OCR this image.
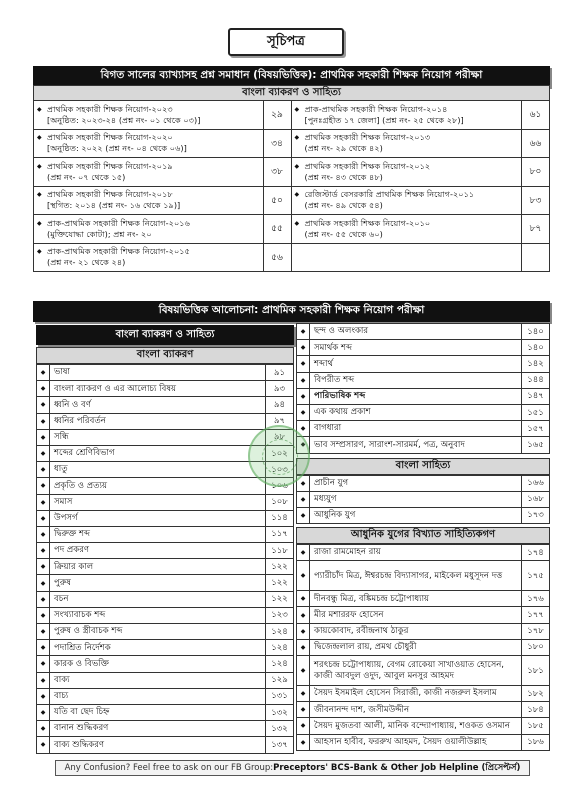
সূচিপত্র
বিগত সালের ব্যাখ্যাসহ প্রশ্ন সমাধান (বিষয়ভিত্তিক): প্রাথমিক সহকারী শিক্ষক নিয়োগ পরীক্ষা
বাংলা ব্যাকরণ ও সাহিত্য
◆ প্রাথমিক সহকারী শিক্ষক নিয়োগ-২০২৩
[অনুষ্ঠিত: ২০২৩-২৪ (প্রশ্ন নং- ০১ থেকে ০৩)]	২৯
◆ প্রাক-প্রাথমিক সহকারী শিক্ষক নিয়োগ-২০১৪
[পুনঃগ্রহীত ১৭ জেলা] (প্রশ্ন নং- ২৫ থেকে ২৮)]	৬১
◆ প্রাথমিক সহকারী শিক্ষক নিয়োগ-২০২০
[অনুষ্ঠিত: ২০২২ (প্রশ্ন নং- ০৪ থেকে ০৬)]	৩৪
◆ প্রাথমিক সহকারী শিক্ষক নিয়োগ-২০১৩
(প্রশ্ন নং- ২৯ থেকে ৪২)	৬৬
◆ প্রাথমিক সহকারী শিক্ষক নিয়োগ-২০১৯
(প্রশ্ন নং- ০৭ থেকে ১৫)	৩৮
◆ প্রাথমিক সহকারী শিক্ষক নিয়োগ-২০১২
(প্রশ্ন নং- ৪৩ থেকে ৪৮)	৮০
◆ প্রাথমিক সহকারী শিক্ষক নিয়োগ-২০১৮
[স্থগিত: ২০১৪ (প্রশ্ন নং- ১৬ থেকে ১৯)]	৫০
◆ রেজিস্টার্ড বেসরকারি প্রাথমিক শিক্ষক নিয়োগ-২০১১
(প্রশ্ন নং- ৪৯ থেকে ৫৪)	৮৩
◆ প্রাক-প্রাথমিক সহকারী শিক্ষক নিয়োগ-২০১৬
(মুক্তিযোদ্ধা কোটা); প্রশ্ন নং- ২০	৫৫
◆ প্রাথমিক সহকারী শিক্ষক নিয়োগ-২০১০
(প্রশ্ন নং- ৫৫ থেকে ৬০)	৮৭
◆ প্রাক-প্রাথমিক সহকারী শিক্ষক নিয়োগ-২০১৫
(প্রশ্ন নং- ২১ থেকে ২৪)	৫৬
বিষয়ভিত্তিক আলোচনা: প্রাথমিক সহকারী শিক্ষক নিয়োগ পরীক্ষা
বাংলা ব্যাকরণ ও সাহিত্য
বাংলা ব্যাকরণ
◆	ভাষা	৯১
◆	বাংলা ব্যাকরণ ও এর আলোচ্য বিষয়	৯৩
◆	ধ্বনি ও বর্ণ	৯৪
◆	ধ্বনির পরিবর্তন	৯৭
◆	সন্ধি	৯৮
◆	শব্দের শ্রেণিবিভাগ	১০২
◆	ধাতু	১০৩
◆	প্রকৃতি ও প্রত্যয়	১০৬
◆	সমাস	১০৮
◆	উপসর্গ	১১৪
◆	দ্বিরুক্ত শব্দ	১১৭
◆	পদ প্রকরণ	১১৮
◆	ক্রিয়ার কাল	১২২
◆	পুরুষ	১২২
◆	বচন	১২২
◆	সংখ্যাবাচক শব্দ	১২৩
◆	পুরুষ ও স্ত্রীবাচক শব্দ	১২৪
◆	পদাশ্রিত নির্দেশক	১২৪
◆	কারক ও বিভক্তি	১২৪
◆	বাক্য	১২৯
◆	বাচ্য	১৩১
◆	যতি বা ছেদ চিহ্ন	১৩২
◆	বানান শুদ্ধিকরণ	১৩২
◆	বাক্য শুদ্ধিকরণ	১৩৭
◆	ছন্দ ও অলংকার	১৪০
◆	সমার্থক শব্দ	১৪০
◆	শব্দার্থ	১৪২
◆	বিপরীত শব্দ	১৪৪
◆	পারিভাষিক শব্দ	১৪৭
◆	এক কথায় প্রকাশ	১৫১
◆	বাগধারা	১৫৭
◆	ভাব সম্প্রসারণ, সারাংশ-সারমর্ম, পত্র, অনুবাদ	১৬৫
বাংলা সাহিত্য
◆	প্রাচীন যুগ	১৬৬
◆	মধ্যযুগ	১৬৮
◆	আধুনিক যুগ	১৭৩
আধুনিক যুগের বিখ্যাত সাহিত্যিকগণ
◆	রাজা রামমোহন রায়	১৭৪
◆	প্যারীচাঁদ মিত্র, ঈশ্বরচন্দ্র বিদ্যাসাগর, মাইকেল মধুসূদন দত্ত	১৭৫
◆	দীনবন্ধু মিত্র, বঙ্কিমচন্দ্র চট্টোপাধ্যায়	১৭৬
◆	মীর মশাররফ হোসেন	১৭৭
◆	কায়কোবাদ, রবীন্দ্রনাথ ঠাকুর	১৭৮
◆	দ্বিজেন্দ্রলাল রায়, প্রমথ চৌধুরী	১৮০
◆
শরৎচন্দ্র চট্টোপাধ্যায়, বেগম রোকেয়া সাখাওয়াত হোসেন, কাজী আবদুল ওদুদ, আবুল মনসুর আহমদ	১৮১
◆	সৈয়দ ইসমাইল হোসেন সিরাজী, কাজী নজরুল ইসলাম	১৮২
◆	জীবনানন্দ দাশ, জসীমউদ্দীন	১৮৪
◆	সৈয়দ মুজতবা আলী, মানিক বন্দ্যোপাধ্যায়, শওকত ওসমান	১৮৫
◆	আহসান হাবীব, ফররুখ আহমদ, সৈয়দ ওয়ালীউল্লাহ	১৮৬
Any Confusion? Feel free to ask on our FB Group: Preceptors' BCS-Bank & Other Job Helpline (প্রিসেপ্টর্স)
